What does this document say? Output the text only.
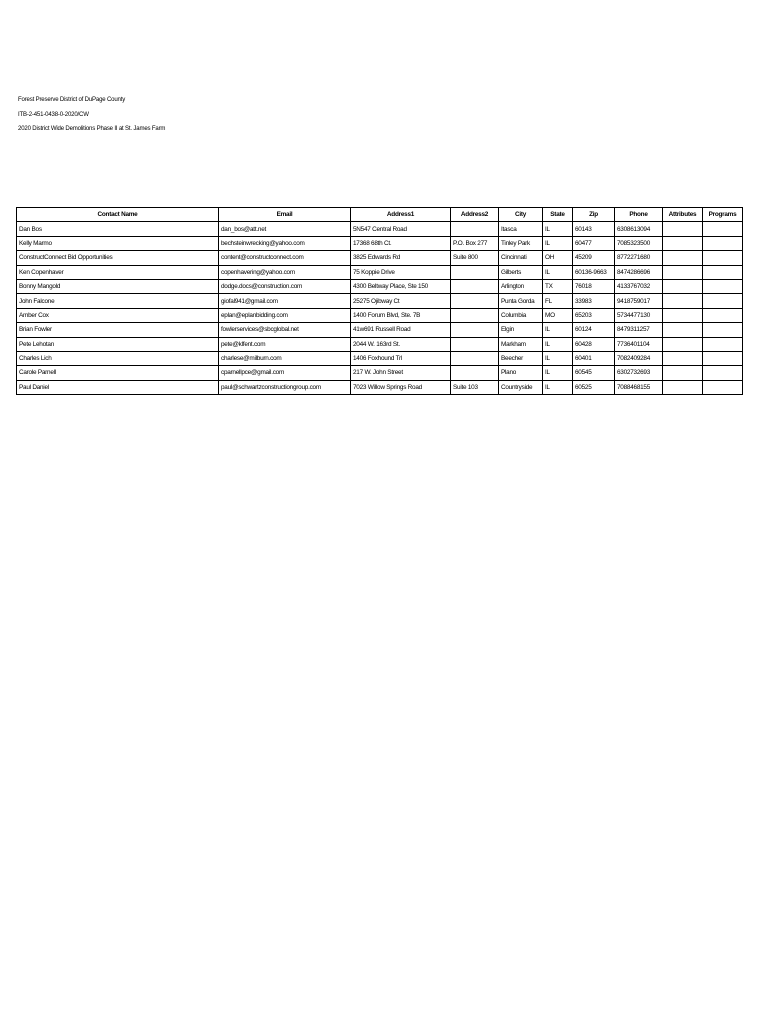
Forest Preserve District of DuPage County
ITB-2-451-0438-0-2020/CW
2020 District Wide Demolitions Phase II at St. James Farm
Contact Name	Email	Address1	Address2	City	State	Zip	Phone	Attributes	Programs
Dan Bos	dan_bos@att.net	5N547 Central Road		Itasca	IL	60143	6308613094		
Kelly Marmo	bechsteinwrecking@yahoo.com	17368 68th Ct.	P.O. Box 277	Tinley Park	IL	60477	7085323500		
ConstructConnect Bid Opportunities	content@constructconnect.com	3825 Edwards Rd	Suite 800	Cincinnati	OH	45209	8772271680		
Ken Copenhaver	copenhavering@yahoo.com	75 Koppie Drive		Gilberts	IL	60136-9663	8474286696		
Bonny Mangold	dodge.docs@construction.com	4300 Beltway Place, Ste 150		Arlington	TX	76018	4133767032		
John Falcone	giofal941@gmail.com	25275 Ojibway Ct		Punta Gorda	FL	33983	9418759017		
Amber Cox	eplan@eplanbidding.com	1400 Forum Blvd, Ste. 7B		Columbia	MO	65203	5734477130		
Brian Fowler	fowlerservices@sbcglobal.net	41w691 Russell Road		Elgin	IL	60124	8479311257		
Pete Lehotan	pete@klfent.com	2044 W. 163rd St.		Markham	IL	60428	7736401104		
Charles Lich	charlese@milburn.com	1406 Foxhound Trl		Beecher	IL	60401	7082409284		
Carole Parnell	cparnellpce@gmail.com	217 W. John Street		Plano	IL	60545	6302732693		
Paul Daniel	paul@schwartzconstructiongroup.com	7023 Willow Springs Road	Suite 103	Countryside	IL	60525	7088468155		
